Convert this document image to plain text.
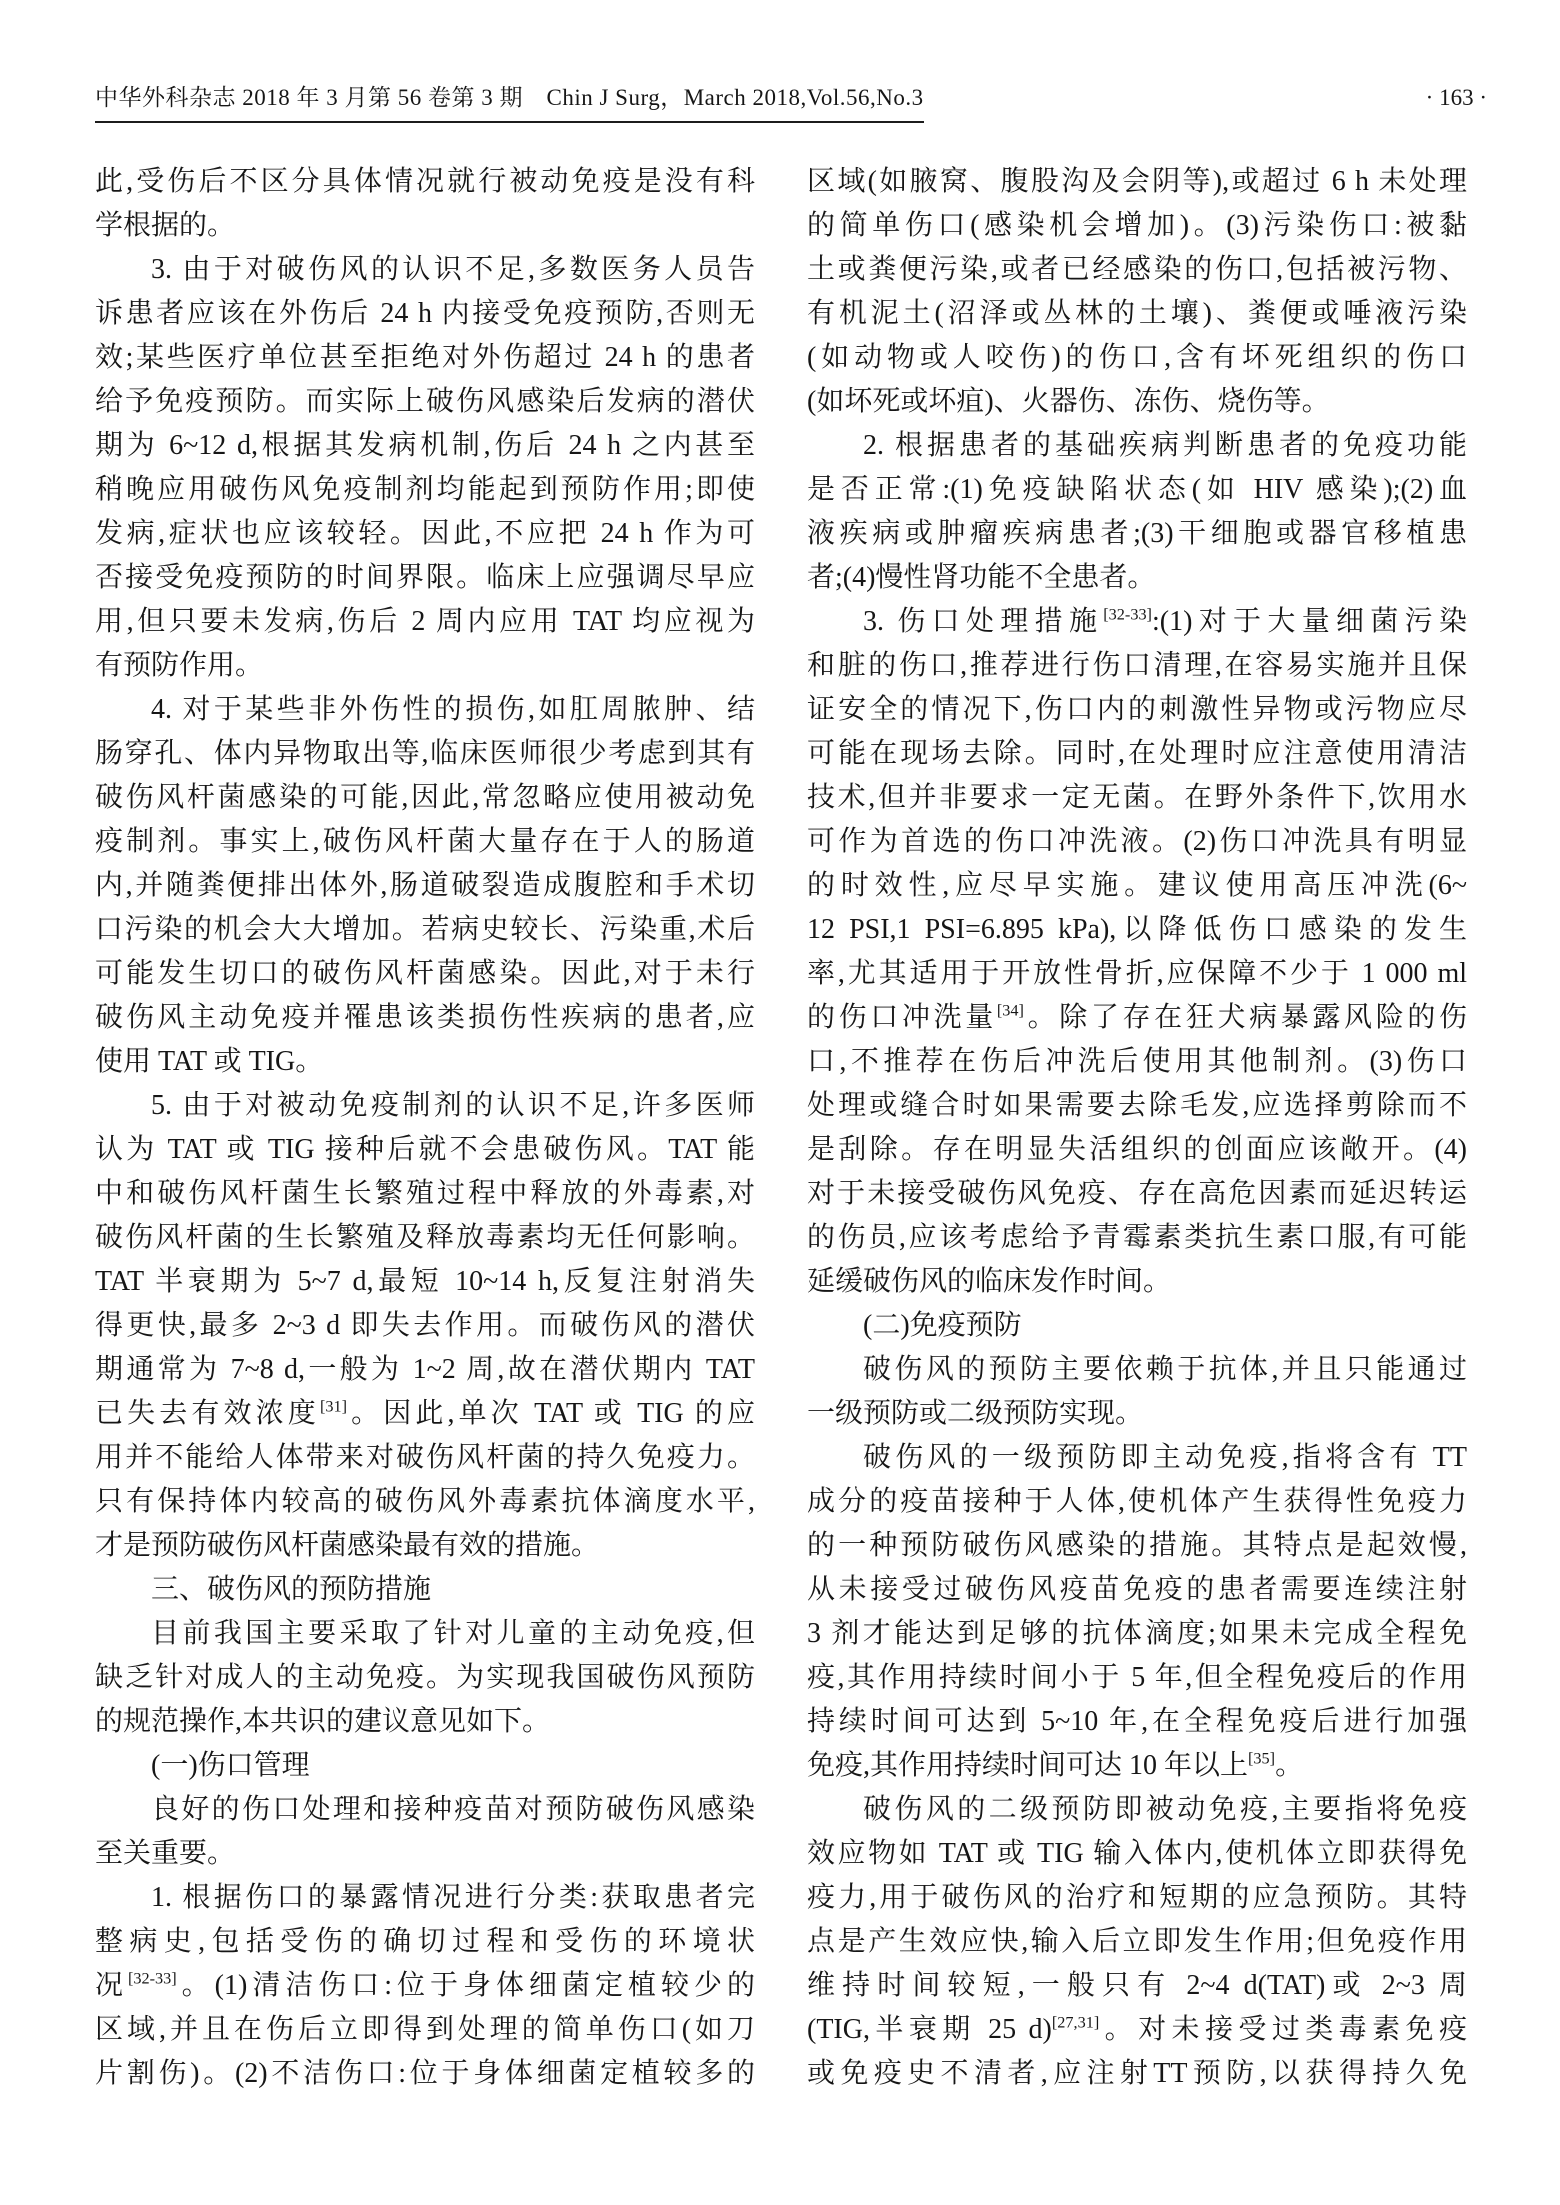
中华外科杂志 2018 年 3 月第 56 卷第 3 期　Chin J Surg，March 2018,Vol.56,No.3	· 163 ·
此,受伤后不区分具体情况就行被动免疫是没有科
学根据的。
3. 由于对破伤风的认识不足,多数医务人员告
诉患者应该在外伤后 24 h 内接受免疫预防,否则无
效;某些医疗单位甚至拒绝对外伤超过 24 h 的患者
给予免疫预防。而实际上破伤风感染后发病的潜伏
期为 6~12 d,根据其发病机制,伤后 24 h 之内甚至
稍晚应用破伤风免疫制剂均能起到预防作用;即使
发病,症状也应该较轻。因此,不应把 24 h 作为可
否接受免疫预防的时间界限。临床上应强调尽早应
用,但只要未发病,伤后 2 周内应用 TAT 均应视为
有预防作用。
4. 对于某些非外伤性的损伤,如肛周脓肿、结
肠穿孔、体内异物取出等,临床医师很少考虑到其有
破伤风杆菌感染的可能,因此,常忽略应使用被动免
疫制剂。事实上,破伤风杆菌大量存在于人的肠道
内,并随粪便排出体外,肠道破裂造成腹腔和手术切
口污染的机会大大增加。若病史较长、污染重,术后
可能发生切口的破伤风杆菌感染。因此,对于未行
破伤风主动免疫并罹患该类损伤性疾病的患者,应
使用 TAT 或 TIG。
5. 由于对被动免疫制剂的认识不足,许多医师
认为 TAT 或 TIG 接种后就不会患破伤风。TAT 能
中和破伤风杆菌生长繁殖过程中释放的外毒素,对
破伤风杆菌的生长繁殖及释放毒素均无任何影响。
TAT 半衰期为 5~7 d,最短 10~14 h,反复注射消失
得更快,最多 2~3 d 即失去作用。而破伤风的潜伏
期通常为 7~8 d,一般为 1~2 周,故在潜伏期内 TAT
已失去有效浓度[31]。因此,单次 TAT 或 TIG 的应
用并不能给人体带来对破伤风杆菌的持久免疫力。
只有保持体内较高的破伤风外毒素抗体滴度水平,
才是预防破伤风杆菌感染最有效的措施。
三、破伤风的预防措施
目前我国主要采取了针对儿童的主动免疫,但
缺乏针对成人的主动免疫。为实现我国破伤风预防
的规范操作,本共识的建议意见如下。
(一)伤口管理
良好的伤口处理和接种疫苗对预防破伤风感染
至关重要。
1. 根据伤口的暴露情况进行分类:获取患者完
整病史,包括受伤的确切过程和受伤的环境状
况[32-33]。(1)清洁伤口:位于身体细菌定植较少的
区域,并且在伤后立即得到处理的简单伤口(如刀
片割伤)。(2)不洁伤口:位于身体细菌定植较多的
区域(如腋窝、腹股沟及会阴等),或超过 6 h 未处理
的简单伤口(感染机会增加)。(3)污染伤口:被黏
土或粪便污染,或者已经感染的伤口,包括被污物、
有机泥土(沼泽或丛林的土壤)、粪便或唾液污染
(如动物或人咬伤)的伤口,含有坏死组织的伤口
(如坏死或坏疽)、火器伤、冻伤、烧伤等。
2. 根据患者的基础疾病判断患者的免疫功能
是否正常:(1)免疫缺陷状态(如 HIV 感染);(2)血
液疾病或肿瘤疾病患者;(3)干细胞或器官移植患
者;(4)慢性肾功能不全患者。
3. 伤口处理措施[32-33]:(1)对于大量细菌污染
和脏的伤口,推荐进行伤口清理,在容易实施并且保
证安全的情况下,伤口内的刺激性异物或污物应尽
可能在现场去除。同时,在处理时应注意使用清洁
技术,但并非要求一定无菌。在野外条件下,饮用水
可作为首选的伤口冲洗液。(2)伤口冲洗具有明显
的时效性,应尽早实施。建议使用高压冲洗(6~
12 PSI,1 PSI=6.895 kPa),以降低伤口感染的发生
率,尤其适用于开放性骨折,应保障不少于 1 000 ml
的伤口冲洗量[34]。除了存在狂犬病暴露风险的伤
口,不推荐在伤后冲洗后使用其他制剂。(3)伤口
处理或缝合时如果需要去除毛发,应选择剪除而不
是刮除。存在明显失活组织的创面应该敞开。(4)
对于未接受破伤风免疫、存在高危因素而延迟转运
的伤员,应该考虑给予青霉素类抗生素口服,有可能
延缓破伤风的临床发作时间。
(二)免疫预防
破伤风的预防主要依赖于抗体,并且只能通过
一级预防或二级预防实现。
破伤风的一级预防即主动免疫,指将含有 TT
成分的疫苗接种于人体,使机体产生获得性免疫力
的一种预防破伤风感染的措施。其特点是起效慢,
从未接受过破伤风疫苗免疫的患者需要连续注射
3 剂才能达到足够的抗体滴度;如果未完成全程免
疫,其作用持续时间小于 5 年,但全程免疫后的作用
持续时间可达到 5~10 年,在全程免疫后进行加强
免疫,其作用持续时间可达 10 年以上[35]。
破伤风的二级预防即被动免疫,主要指将免疫
效应物如 TAT 或 TIG 输入体内,使机体立即获得免
疫力,用于破伤风的治疗和短期的应急预防。其特
点是产生效应快,输入后立即发生作用;但免疫作用
维持时间较短,一般只有 2~4 d(TAT)或 2~3 周
(TIG,半衰期 25 d)[27,31]。对未接受过类毒素免疫
或免疫史不清者,应注射TT预防,以获得持久免
